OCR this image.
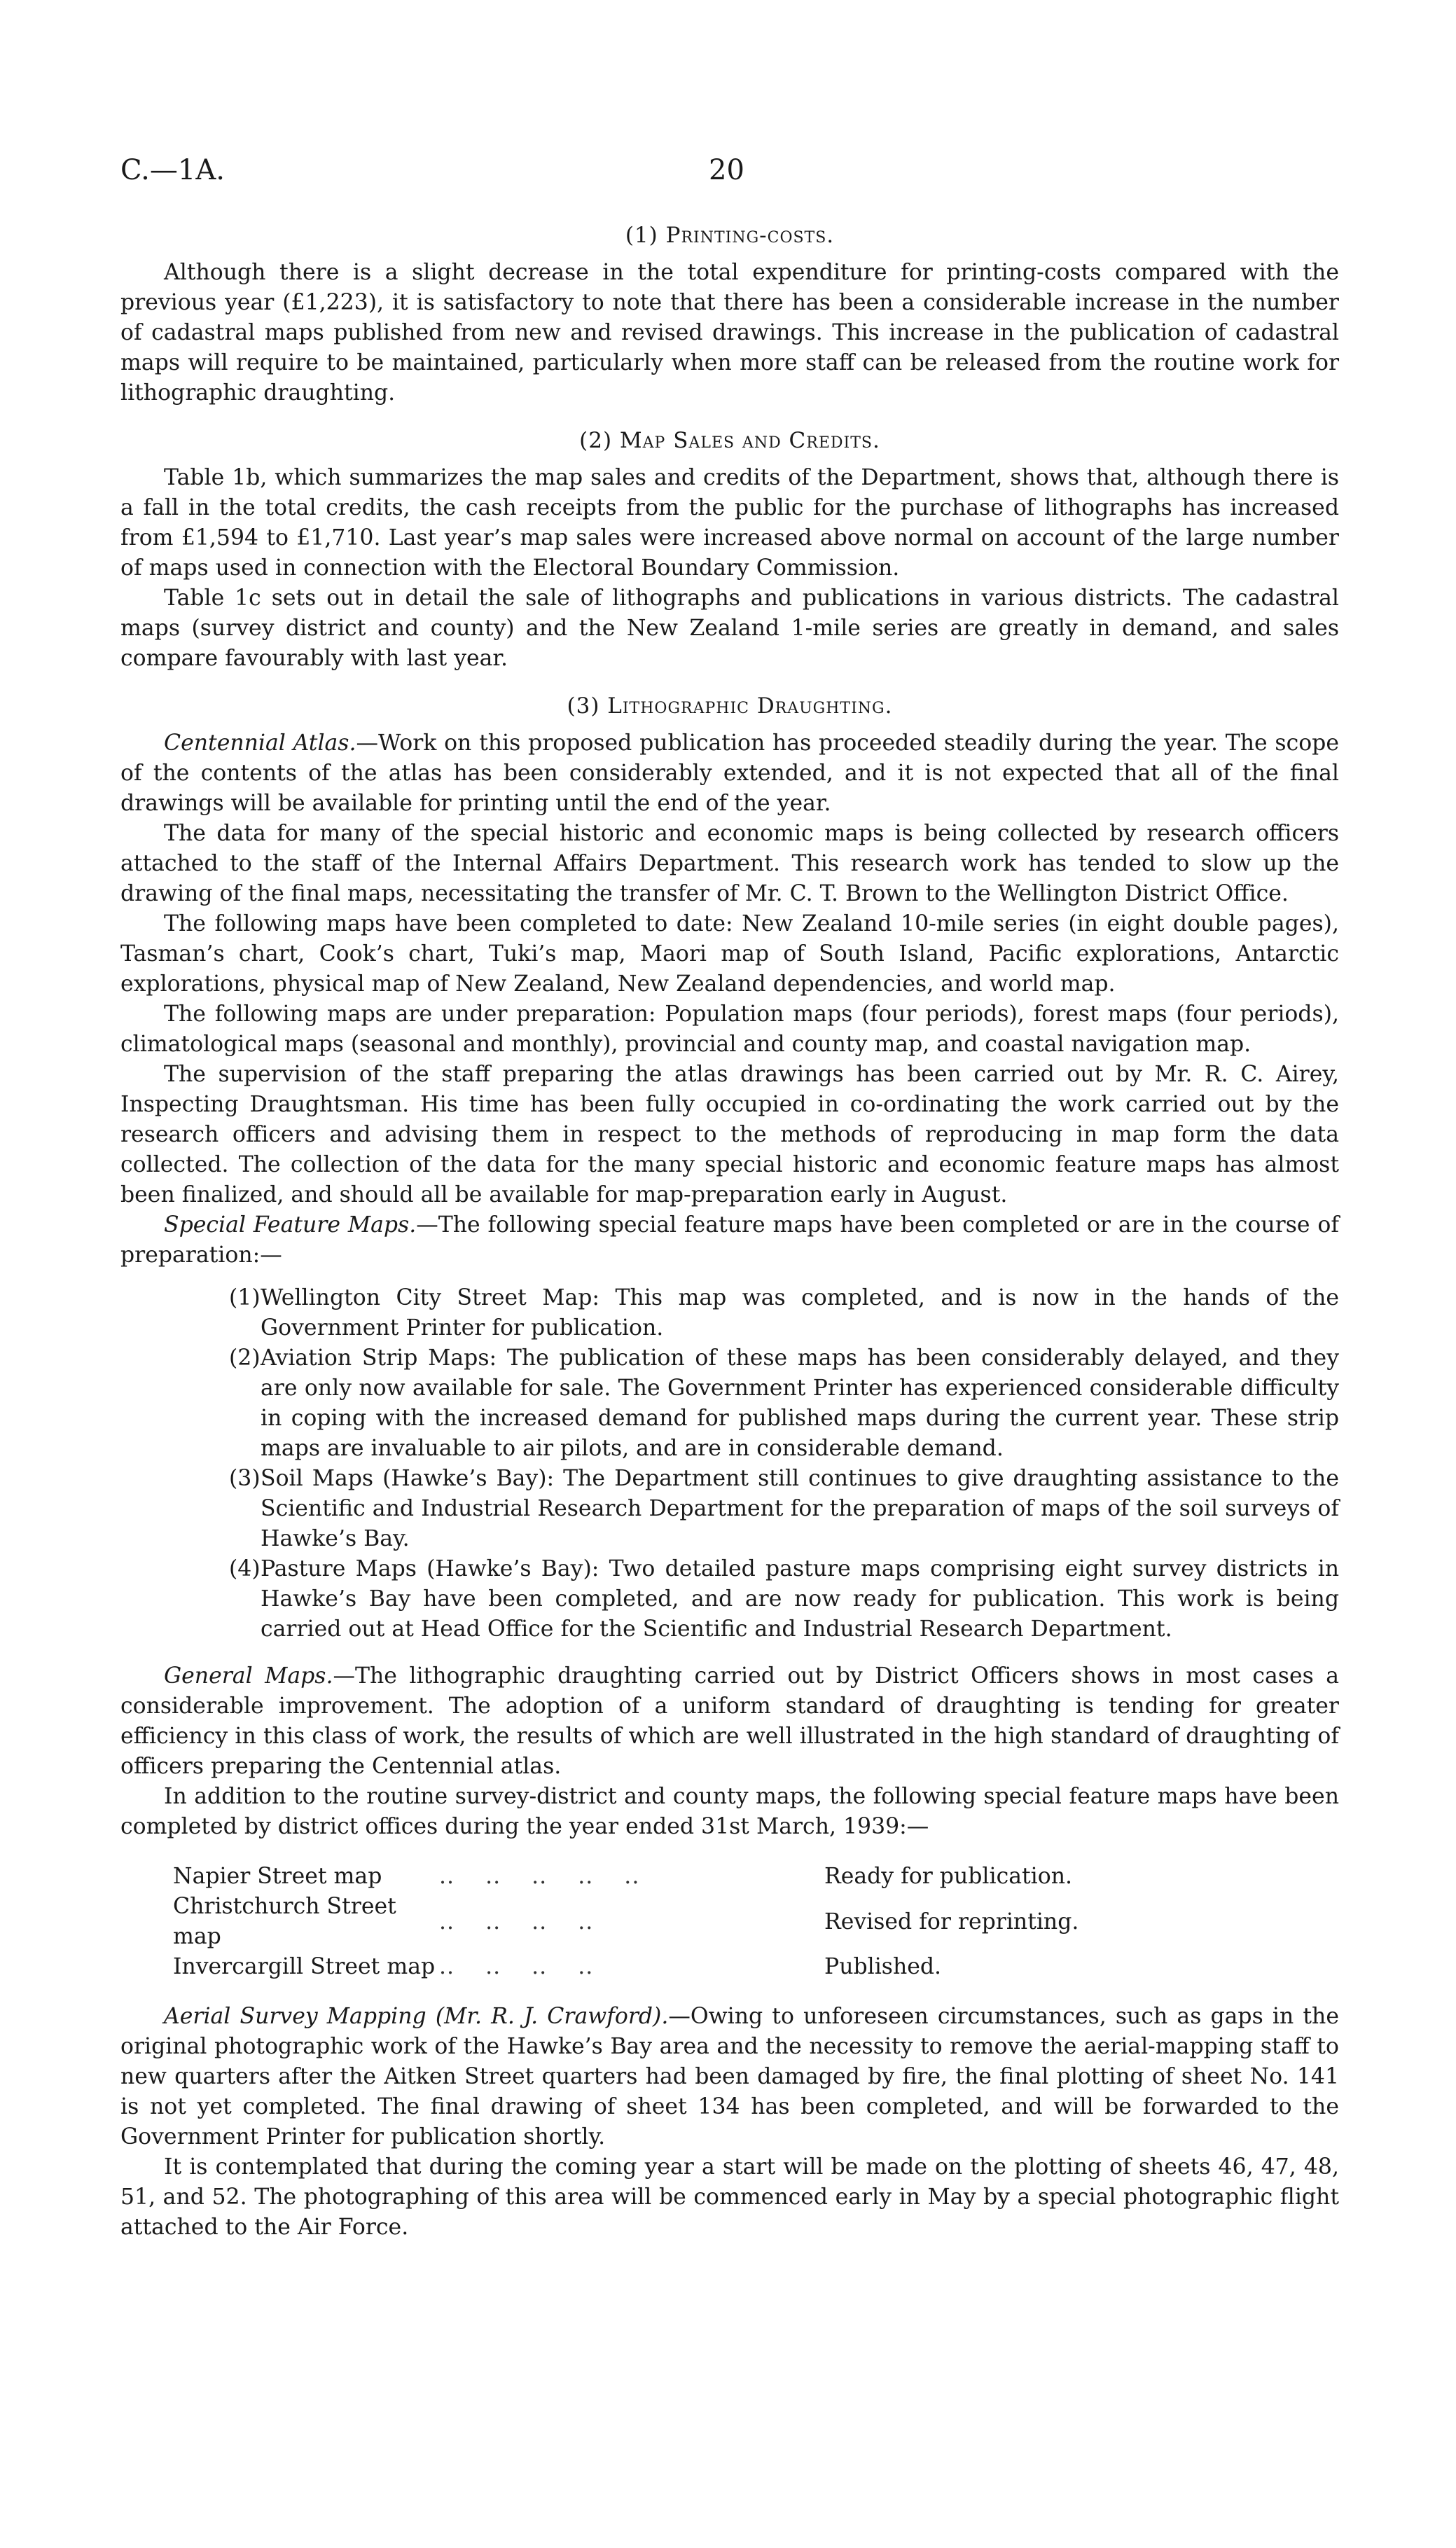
C.—1A.	20
(1) Printing-costs.

Although there is a slight decrease in the total expenditure for printing-costs compared with the previous year (£1,223), it is satisfactory to note that there has been a considerable increase in the number of cadastral maps published from new and revised drawings. This increase in the publication of cadastral maps will require to be maintained, particularly when more staff can be released from the routine work for lithographic draughting.

(2) Map Sales and Credits.

Table 1b, which summarizes the map sales and credits of the Department, shows that, although there is a fall in the total credits, the cash receipts from the public for the purchase of lithographs has increased from £1,594 to £1,710. Last year’s map sales were increased above normal on account of the large number of maps used in connection with the Electoral Boundary Commission.

Table 1c sets out in detail the sale of lithographs and publications in various districts. The cadastral maps (survey district and county) and the New Zealand 1-mile series are greatly in demand, and sales compare favourably with last year.

(3) Lithographic Draughting.

Centennial Atlas.—Work on this proposed publication has proceeded steadily during the year. The scope of the contents of the atlas has been considerably extended, and it is not expected that all of the final drawings will be available for printing until the end of the year.

The data for many of the special historic and economic maps is being collected by research officers attached to the staff of the Internal Affairs Department. This research work has tended to slow up the drawing of the final maps, necessitating the transfer of Mr. C. T. Brown to the Wellington District Office.

The following maps have been completed to date: New Zealand 10-mile series (in eight double pages), Tasman’s chart, Cook’s chart, Tuki’s map, Maori map of South Island, Pacific explorations, Antarctic explorations, physical map of New Zealand, New Zealand dependencies, and world map.

The following maps are under preparation: Population maps (four periods), forest maps (four periods), climatological maps (seasonal and monthly), provincial and county map, and coastal navigation map.

The supervision of the staff preparing the atlas drawings has been carried out by Mr. R. C. Airey, Inspecting Draughtsman. His time has been fully occupied in co-ordinating the work carried out by the research officers and advising them in respect to the methods of reproducing in map form the data collected. The collection of the data for the many special historic and economic feature maps has almost been finalized, and should all be available for map-preparation early in August.

Special Feature Maps.—The following special feature maps have been completed or are in the course of preparation:—

(1) Wellington City Street Map: This map was completed, and is now in the hands of the Government Printer for publication.
(2) Aviation Strip Maps: The publication of these maps has been considerably delayed, and they are only now available for sale. The Government Printer has experienced considerable difficulty in coping with the increased demand for published maps during the current year. These strip maps are invaluable to air pilots, and are in considerable demand.
(3) Soil Maps (Hawke’s Bay): The Department still continues to give draughting assistance to the Scientific and Industrial Research Department for the preparation of maps of the soil surveys of Hawke’s Bay.
(4) Pasture Maps (Hawke’s Bay): Two detailed pasture maps comprising eight survey districts in Hawke’s Bay have been completed, and are now ready for publication. This work is being carried out at Head Office for the Scientific and Industrial Research Department.

General Maps.—The lithographic draughting carried out by District Officers shows in most cases a considerable improvement. The adoption of a uniform standard of draughting is tending for greater efficiency in this class of work, the results of which are well illustrated in the high standard of draughting of officers preparing the Centennial atlas.

In addition to the routine survey-district and county maps, the following special feature maps have been completed by district offices during the year ended 31st March, 1939:—

Napier Street map	..    ..    ..    ..    ..	Ready for publication.
Christchurch Street map	..    ..    ..    ..	Revised for reprinting.
Invercargill Street map	..    ..    ..    ..	Published.

Aerial Survey Mapping (Mr. R. J. Crawford).—Owing to unforeseen circumstances, such as gaps in the original photographic work of the Hawke’s Bay area and the necessity to remove the aerial-mapping staff to new quarters after the Aitken Street quarters had been damaged by fire, the final plotting of sheet No. 141 is not yet completed. The final drawing of sheet 134 has been completed, and will be forwarded to the Government Printer for publication shortly.

It is contemplated that during the coming year a start will be made on the plotting of sheets 46, 47, 48, 51, and 52. The photographing of this area will be commenced early in May by a special photographic flight attached to the Air Force.
